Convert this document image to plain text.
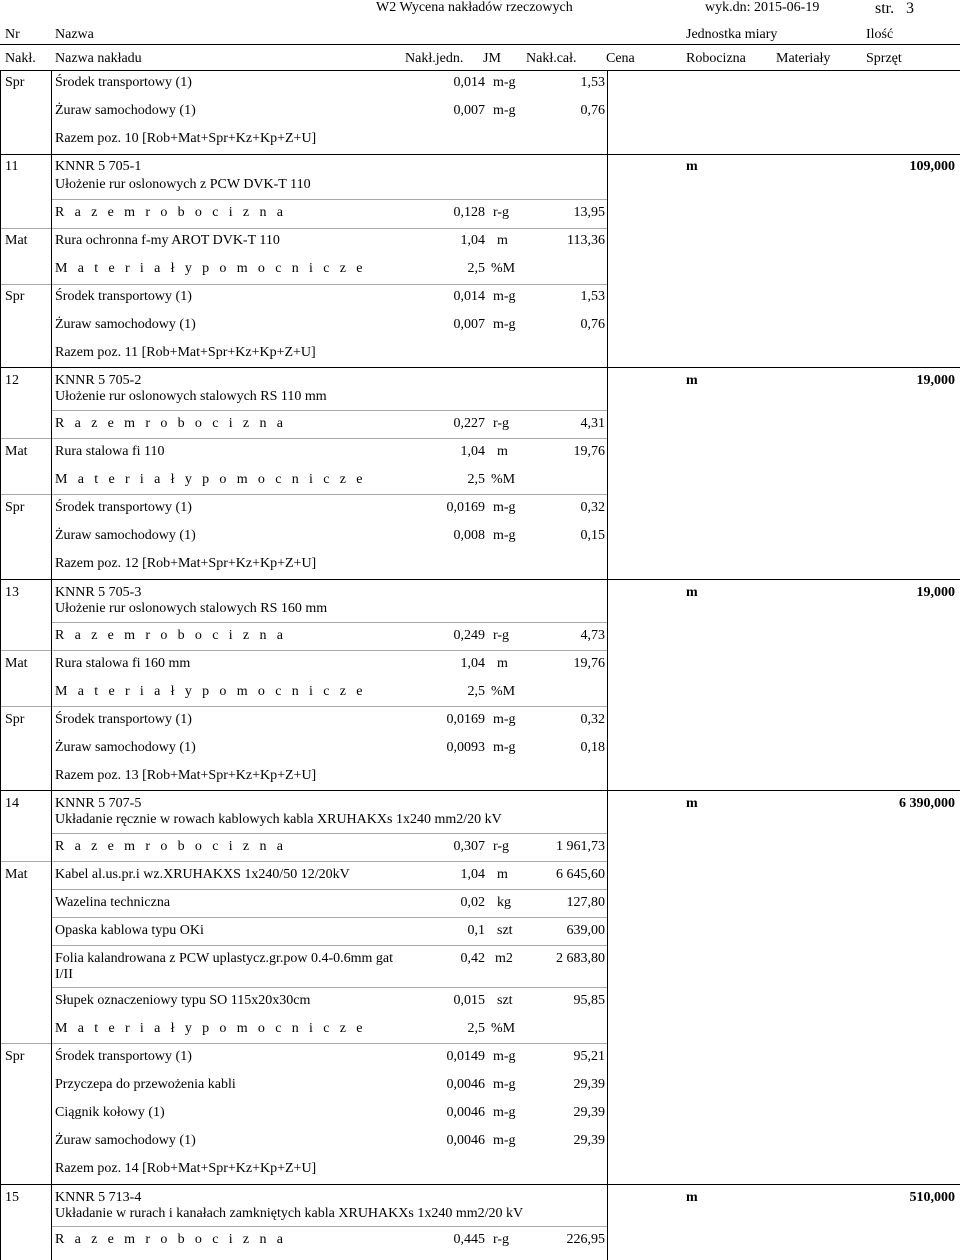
W2 Wycena nakładów rzeczowych	wyk.dn: 2015-06-19	str. 3
Nr	Nazwa	Jednostka miary	Ilość
Nakł. Nazwa nakładu	Nakł.jedn. JM Nakł.cał. Cena	Robocizna Materiały	Sprzęt
Spr Środek transportowy (1)	0,014 m-g	1,53
Żuraw samochodowy (1)	0,007 m-g	0,76
Razem poz. 10 [Rob+Mat+Spr+Kz+Kp+Z+U]
11	KNNR 5 705-1
Ułożenie rur oslonowych z PCW DVK-T 110
m	109,000
R a z e m r o b o c i z n a	0,128 r-g	13,95
Mat Rura ochronna f-my AROT DVK-T 110	1,04 m	113,36
M a t e r i a ł y p o m o c n i c z e	2,5 %M
Spr Środek transportowy (1)	0,014 m-g	1,53
Żuraw samochodowy (1)	0,007 m-g	0,76
Razem poz. 11 [Rob+Mat+Spr+Kz+Kp+Z+U]
12	KNNR 5 705-2
Ułożenie rur oslonowych stalowych RS 110 mm
m	19,000
R a z e m r o b o c i z n a	0,227 r-g	4,31
Mat Rura stalowa fi 110	1,04 m	19,76
M a t e r i a ł y p o m o c n i c z e	2,5 %M
Spr Środek transportowy (1)	0,0169 m-g	0,32
Żuraw samochodowy (1)	0,008 m-g	0,15
Razem poz. 12 [Rob+Mat+Spr+Kz+Kp+Z+U]
13	KNNR 5 705-3
Ułożenie rur oslonowych stalowych RS 160 mm
m	19,000
R a z e m r o b o c i z n a	0,249 r-g	4,73
Mat Rura stalowa fi 160 mm	1,04 m	19,76
M a t e r i a ł y p o m o c n i c z e	2,5 %M
Spr Środek transportowy (1)	0,0169 m-g	0,32
Żuraw samochodowy (1)	0,0093 m-g	0,18
Razem poz. 13 [Rob+Mat+Spr+Kz+Kp+Z+U]
14	KNNR 5 707-5
Układanie ręcznie w rowach kablowych kabla XRUHAKXs 1x240 mm2/20 kV
m	6 390,000
R a z e m r o b o c i z n a	0,307 r-g	1 961,73
Mat Kabel al.us.pr.i wz.XRUHAKXS 1x240/50 12/20kV	1,04 m	6 645,60
Wazelina techniczna	0,02 kg	127,80
Opaska kablowa typu OKi	0,1 szt	639,00
Folia kalandrowana z PCW uplastycz.gr.pow 0.4-0.6mm gat I/II
0,42 m2	2 683,80
Słupek oznaczeniowy typu SO 115x20x30cm	0,015 szt	95,85
M a t e r i a ł y p o m o c n i c z e	2,5 %M
Spr Środek transportowy (1)	0,0149 m-g	95,21
Przyczepa do przewożenia kabli	0,0046 m-g	29,39
Ciągnik kołowy (1)	0,0046 m-g	29,39
Żuraw samochodowy (1)	0,0046 m-g	29,39
Razem poz. 14 [Rob+Mat+Spr+Kz+Kp+Z+U]
15	KNNR 5 713-4
Układanie w rurach i kanałach zamkniętych kabla XRUHAKXs 1x240 mm2/20 kV
m	510,000
R a z e m r o b o c i z n a	0,445 r-g	226,95
